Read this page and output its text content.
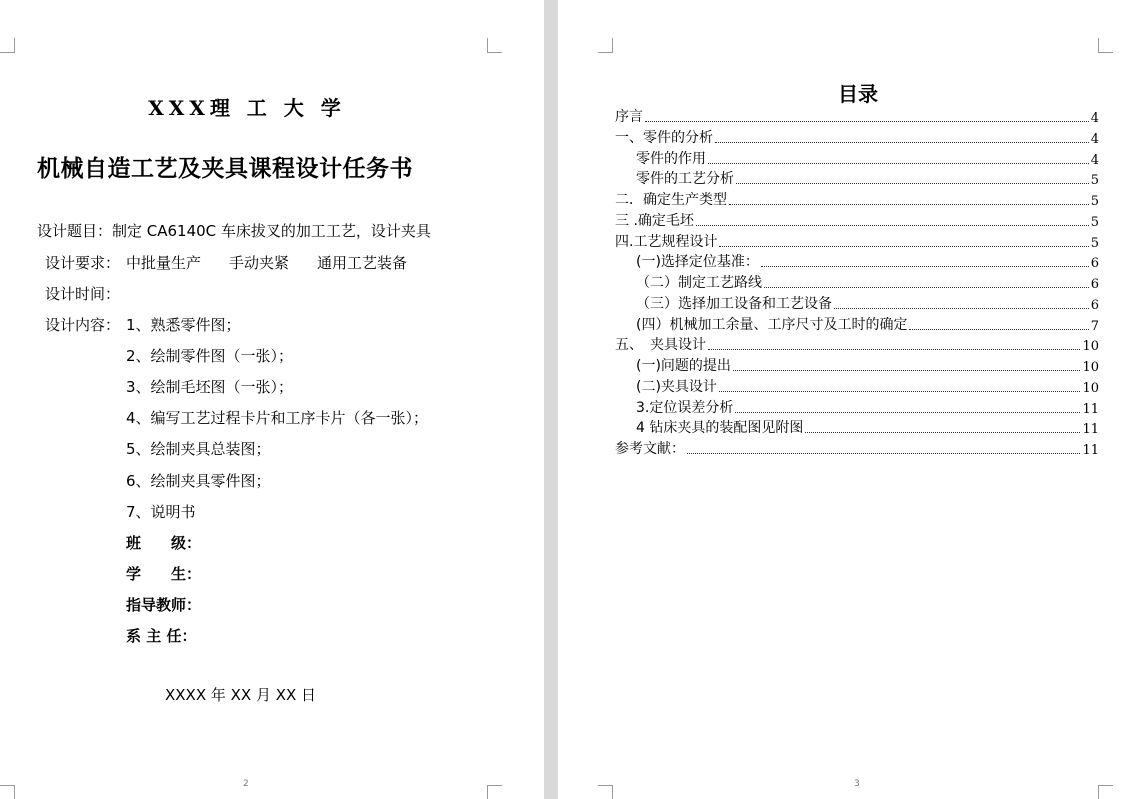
XXX理 工 大 学
机械自造工艺及夹具课程设计任务书
设计题目：制定 CA6140C 车床拔叉的加工工艺，设计夹具
设计要求： 中批量生产 手动夹紧 通用工艺装备
设计时间：
设计内容： 1、熟悉零件图；
2、绘制零件图（一张）；
3、绘制毛坯图（一张）；
4、编写工艺过程卡片和工序卡片（各一张）；
5、绘制夹具总装图；
6、绘制夹具零件图；
7、说明书
班　　级：
学　　生：
指导教师：
系 主 任：
XXXX 年 XX 月 XX 日
2
目录
序言	4
一、零件的分析	4
零件的作用	4
零件的工艺分析	5
二．确定生产类型	5
三 .确定毛坯	5
四.工艺规程设计	5
(一)选择定位基准：	6
（二）制定工艺路线	6
（三）选择加工设备和工艺设备	6
(四）机械加工余量、工序尺寸及工时的确定	7
五、　夹具设计	10
(一)问题的提出	10
(二)夹具设计	10
3.定位误差分析	11
4 钻床夹具的装配图见附图	11
参考文献：	11
3
